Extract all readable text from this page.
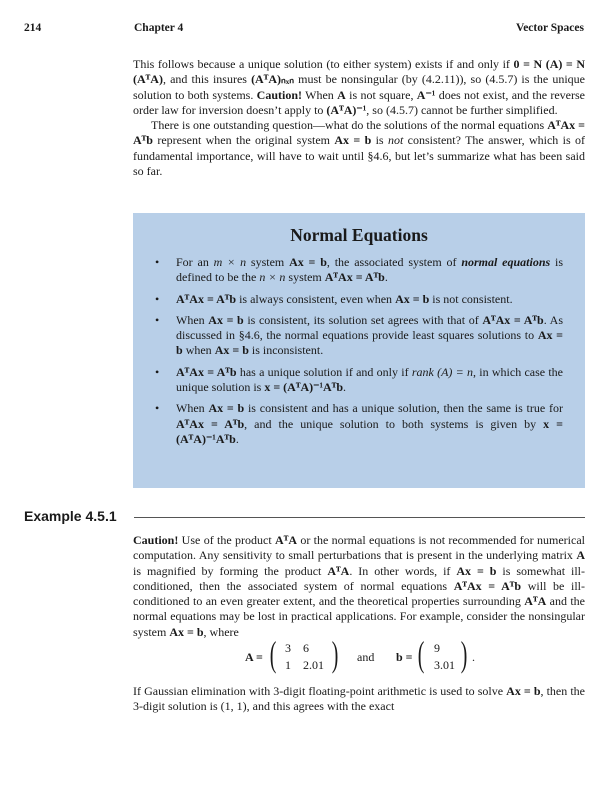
214	Chapter 4	Vector Spaces

This follows because a unique solution (to either system) exists if and only if 0 = N (A) = N (AᵀA), and this insures (AᵀA)ₙₓₙ must be nonsingular (by (4.2.11)), so (4.5.7) is the unique solution to both systems. Caution! When A is not square, A⁻¹ does not exist, and the reverse order law for inversion doesn’t apply to (AᵀA)⁻¹, so (4.5.7) cannot be further simplified.

There is one outstanding question—what do the solutions of the normal equations AᵀAx = Aᵀb represent when the original system Ax = b is not consistent? The answer, which is of fundamental importance, will have to wait until §4.6, but let’s summarize what has been said so far.

Normal Equations
• For an m × n system Ax = b, the associated system of normal equations is defined to be the n × n system AᵀAx = Aᵀb.
• AᵀAx = Aᵀb is always consistent, even when Ax = b is not consistent.
• When Ax = b is consistent, its solution set agrees with that of AᵀAx = Aᵀb. As discussed in §4.6, the normal equations provide least squares solutions to Ax = b when Ax = b is inconsistent.
• AᵀAx = Aᵀb has a unique solution if and only if rank (A) = n, in which case the unique solution is x = (AᵀA)⁻¹Aᵀb.
• When Ax = b is consistent and has a unique solution, then the same is true for AᵀAx = Aᵀb, and the unique solution to both systems is given by x = (AᵀA)⁻¹Aᵀb.
Example 4.5.1

Caution! Use of the product AᵀA or the normal equations is not recommended for numerical computation. Any sensitivity to small perturbations that is present in the underlying matrix A is magnified by forming the product AᵀA. In other words, if Ax = b is somewhat ill-conditioned, then the associated system of normal equations AᵀAx = Aᵀb will be ill-conditioned to an even greater extent, and the theoretical properties surrounding AᵀA and the normal equations may be lost in practical applications. For example, consider the nonsingular system Ax = b, where

A = ( 3 6
1 2.01 ) and b = ( 9
3.01 ) .

If Gaussian elimination with 3-digit floating-point arithmetic is used to solve Ax = b, then the 3-digit solution is (1, 1), and this agrees with the exact
